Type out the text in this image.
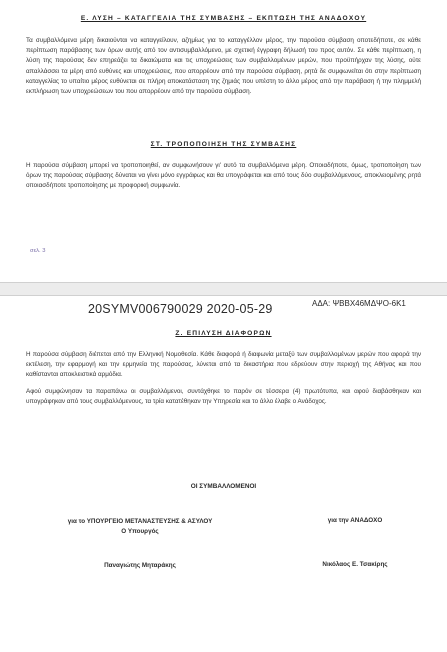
Ε. ΛΥΣΗ – ΚΑΤΑΓΓΕΛΙΑ ΤΗΣ ΣΥΜΒΑΣΗΣ – ΕΚΠΤΩΣΗ ΤΗΣ ΑΝΑΔΟΧΟΥ

Τα συμβαλλόμενα μέρη δικαιούνται να καταγγείλουν, αζημίως για το καταγγέλλον μέρος, την παρούσα σύμβαση οποτεδήποτε, σε κάθε περίπτωση παράβασης των όρων αυτής από τον αντισυμβαλλόμενο, με σχετική έγγραφη δήλωσή του προς αυτόν. Σε κάθε περίπτωση, η λύση της παρούσας δεν επηρεάζει τα δικαιώματα και τις υποχρεώσεις των συμβαλλομένων μερών, που προϋπήρχαν της λύσης, ούτε απαλλάσσει τα μέρη από ευθύνες και υποχρεώσεις, που απορρέουν από την παρούσα σύμβαση, ρητά δε συμφωνείται ότι στην περίπτωση καταγγελίας το υπαίτιο μέρος ευθύνεται σε πλήρη αποκατάσταση της ζημιάς που υπέστη το άλλο μέρος από την παράβαση ή την πλημμελή εκπλήρωση των υποχρεώσεων του που απορρέουν από την παρούσα σύμβαση.

ΣΤ. ΤΡΟΠΟΠΟΙΗΣΗ ΤΗΣ ΣΥΜΒΑΣΗΣ

Η παρούσα σύμβαση μπορεί να τροποποιηθεί, αν συμφωνήσουν γι' αυτό τα συμβαλλόμενα μέρη. Οποιαδήποτε, όμως, τροποποίηση των όρων της παρούσας σύμβασης δύναται να γίνει μόνο εγγράφως και θα υπογράφεται και από τους δύο συμβαλλόμενους, αποκλειομένης ρητά οποιασδήποτε τροποποίησης με προφορική συμφωνία.

σελ. 3
20SYMV006790029 2020-05-29	ΑΔΑ: ΨΒΒΧ46ΜΔΨΟ-6Κ1

Ζ. ΕΠΙΛΥΣΗ ΔΙΑΦΟΡΩΝ

Η παρούσα σύμβαση διέπεται από την Ελληνική Νομοθεσία. Κάθε διαφορά ή διαφωνία μεταξύ των συμβαλλομένων μερών που αφορά την εκτέλεση, την εφαρμογή και την ερμηνεία της παρούσας, λύνεται από τα δικαστήρια που εδρεύουν στην περιοχή της Αθήνας και που καθίστανται αποκλειστικά αρμόδια.

Αφού συμφώνησαν τα παραπάνω οι συμβαλλόμενοι, συντάχθηκε το παρόν σε τέσσερα (4) πρωτότυπα, και αφού διαβάσθηκαν και υπογράφηκαν από τους συμβαλλόμενους, τα τρία κατατέθηκαν την Υπηρεσία και το άλλο έλαβε ο Ανάδοχος.

ΟΙ ΣΥΜΒΑΛΛΟΜΕΝΟΙ
για το ΥΠΟΥΡΓΕΙΟ ΜΕΤΑΝΑΣΤΕΥΣΗΣ & ΑΣΥΛΟΥ
Ο Υπουργός
για την ΑΝΑΔΟΧΟ
Παναγιώτης Μηταράκης	Νικόλαος Ε. Τσακίρης
